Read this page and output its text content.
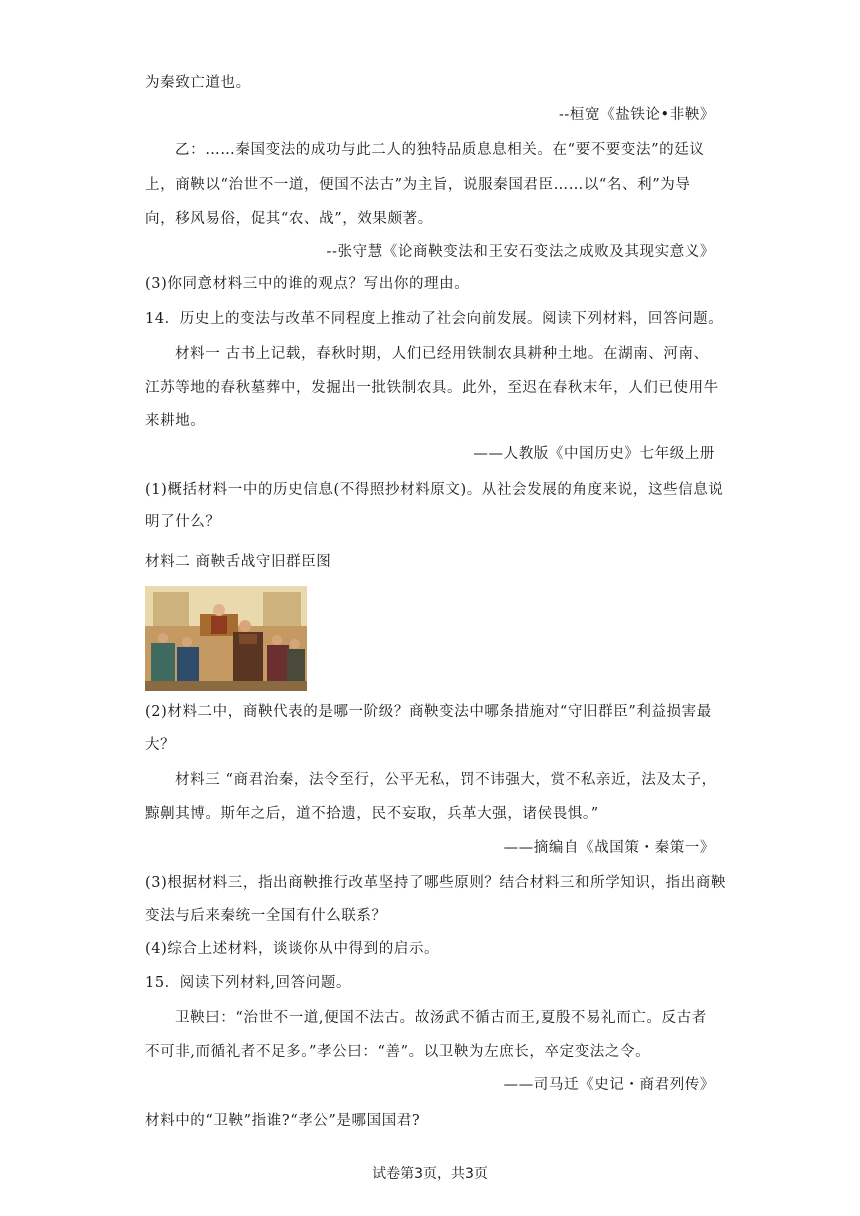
为秦致亡道也。
--桓宽《盐铁论•非鞅》
乙：……秦国变法的成功与此二人的独特品质息息相关。在“要不要变法”的廷议
上，商鞅以“治世不一道，便国不法古”为主旨，说服秦国君臣……以“名、利”为导
向，移风易俗，促其“农、战”，效果颇著。
--张守慧《论商鞅变法和王安石变法之成败及其现实意义》
(3)你同意材料三中的谁的观点？写出你的理由。
14．历史上的变法与改革不同程度上推动了社会向前发展。阅读下列材料，回答问题。
材料一 古书上记载，春秋时期，人们已经用铁制农具耕种土地。在湖南、河南、
江苏等地的春秋墓葬中，发掘出一批铁制农具。此外，至迟在春秋末年，人们已使用牛
来耕地。
——人教版《中国历史》七年级上册
(1)概括材料一中的历史信息(不得照抄材料原文)。从社会发展的角度来说，这些信息说
明了什么？
材料二 商鞅舌战守旧群臣图
(2)材料二中，商鞅代表的是哪一阶级？商鞅变法中哪条措施对“守旧群臣”利益损害最
大？
材料三 “商君治秦，法令至行，公平无私，罚不讳强大，赏不私亲近，法及太子，
黥劓其博。斯年之后，道不拾遗，民不妄取，兵革大强，诸侯畏惧。”
——摘编自《战国策・秦策一》
(3)根据材料三，指出商鞅推行改革坚持了哪些原则？结合材料三和所学知识，指出商鞅
变法与后来秦统一全国有什么联系？
(4)综合上述材料，谈谈你从中得到的启示。
15．阅读下列材料,回答问题。
卫鞅曰：“治世不一道,便国不法古。故汤武不循古而王,夏殷不易礼而亡。反古者
不可非,而循礼者不足多。”孝公曰：“善”。以卫鞅为左庶长，卒定变法之令。
——司马迁《史记・商君列传》
材料中的“卫鞅”指谁?“孝公”是哪国国君?
试卷第3页，共3页
